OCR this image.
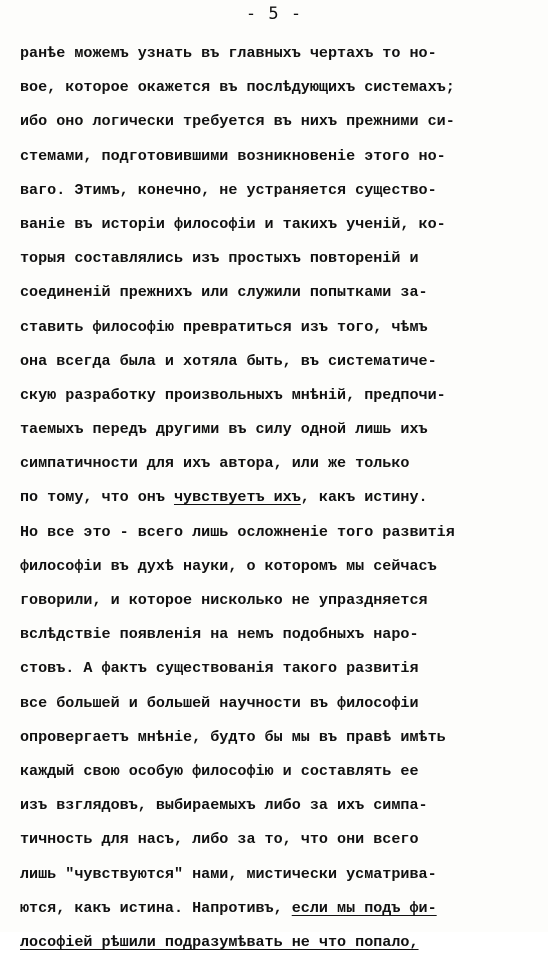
- 5 -
ранѣе можемъ узнать въ главныхъ чертахъ то но-
вое, которое окажется въ послѣдующихъ системахъ;
ибо оно логически требуется въ нихъ прежними си-
стемами, подготовившими возникновеніе этого но-
ваго. Этимъ, конечно, не устраняется существо-
ваніе въ исторіи философіи и такихъ ученій, ко-
торыя составлялись изъ простыхъ повтореній и
соединеній прежнихъ или служили попытками за-
ставить философію превратиться изъ того, чѣмъ
она всегда была и хотяла быть, въ систематиче-
скую разработку произвольныхъ мнѣній, предпочи-
таемыхъ передъ другими въ силу одной лишь ихъ
симпатичности для ихъ автора, или же только
по тому, что онъ чувствуетъ ихъ, какъ истину.
Но все это - всего лишь осложненіе того развитія
философіи въ духѣ науки, о которомъ мы сейчасъ
говорили, и которое нисколько не упраздняется
вслѣдствіе появленія на немъ подобныхъ наро-
стовъ. А фактъ существованія такого развитія
все большей и большей научности въ философіи
опровергаетъ мнѣніе, будто бы мы въ правѣ имѣть
каждый свою особую философію и составлять ее
изъ взглядовъ, выбираемыхъ либо за ихъ симпа-
тичность для насъ, либо за то, что они всего
лишь "чувствуются" нами, мистически усматрива-
ются, какъ истина. Напротивъ, если мы подъ фи-
лософіей рѣшили подразумѣвать не что попало,
